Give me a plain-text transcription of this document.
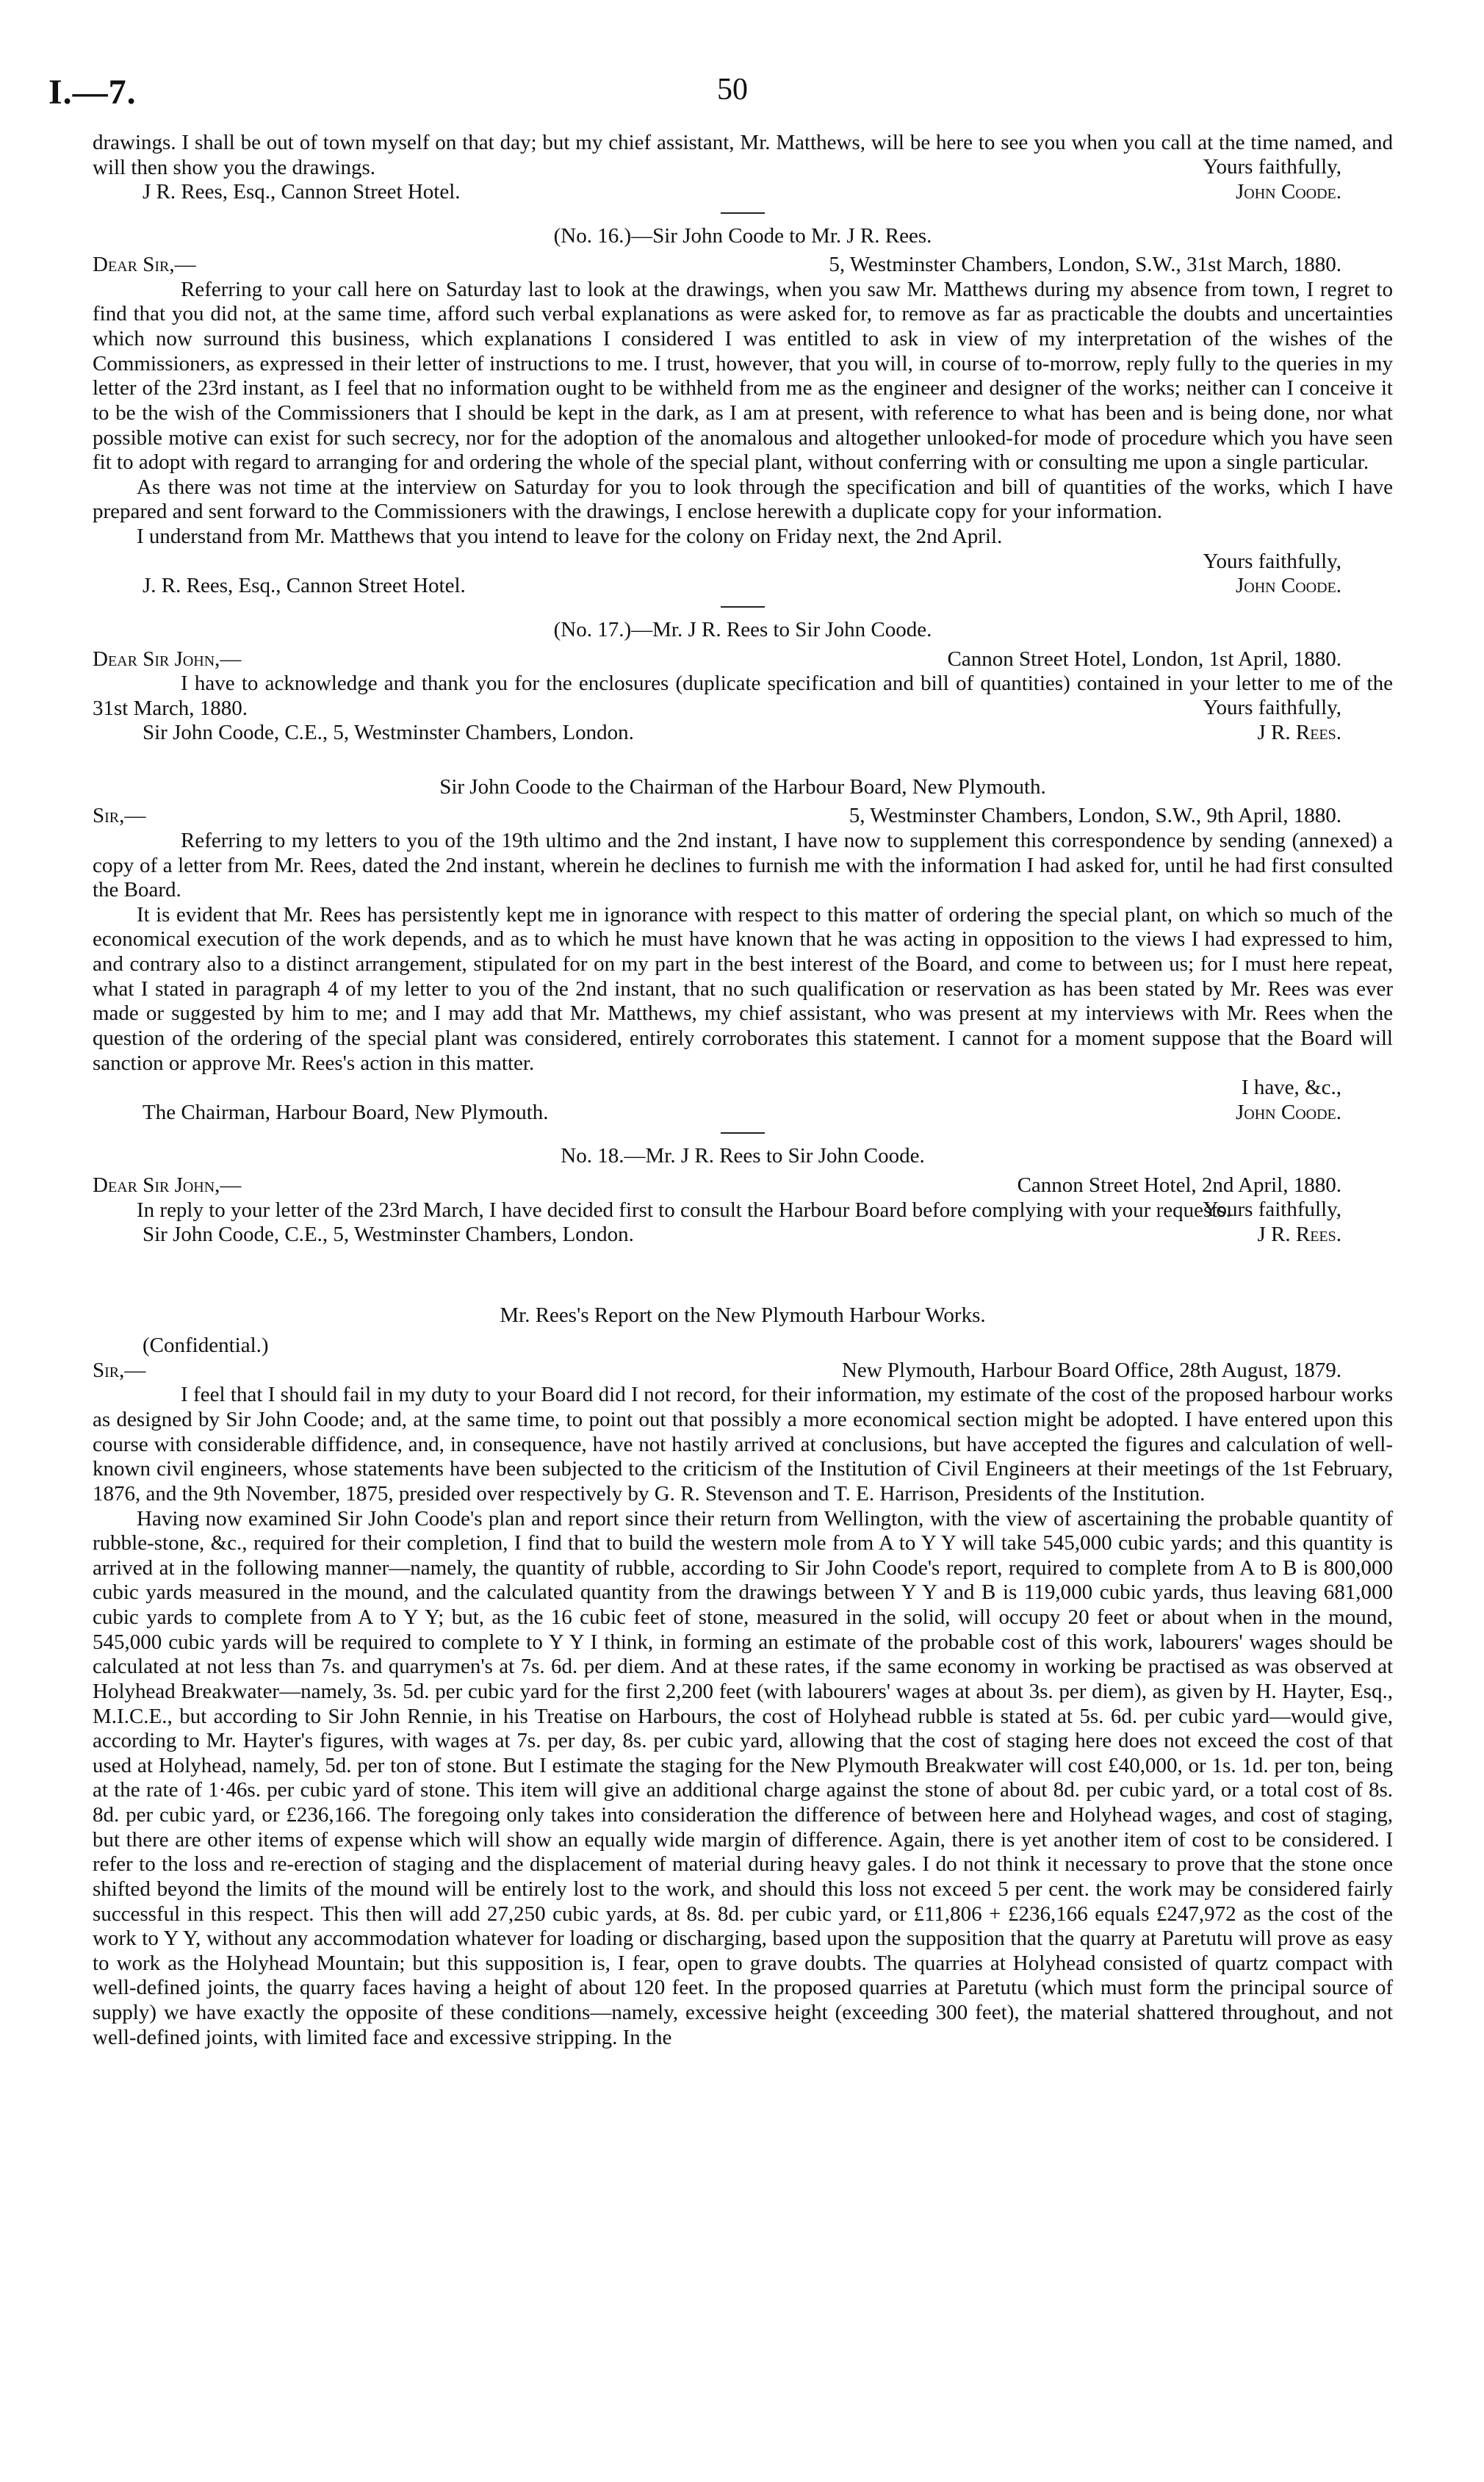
I.—7.	50

drawings. I shall be out of town myself on that day; but my chief assistant, Mr. Matthews, will be here to see you when you call at the time named, and will then show you the drawings.	Yours faithfully,
J R. Rees, Esq., Cannon Street Hotel.	John Coode.
(No. 16.)—Sir John Coode to Mr. J R. Rees.
Dear Sir,—	5, Westminster Chambers, London, S.W., 31st March, 1880.

Referring to your call here on Saturday last to look at the drawings, when you saw Mr. Matthews during my absence from town, I regret to find that you did not, at the same time, afford such verbal explanations as were asked for, to remove as far as practicable the doubts and uncertainties which now surround this business, which explanations I considered I was entitled to ask in view of my interpretation of the wishes of the Commissioners, as expressed in their letter of instructions to me. I trust, however, that you will, in course of to-morrow, reply fully to the queries in my letter of the 23rd instant, as I feel that no information ought to be withheld from me as the engineer and designer of the works; neither can I conceive it to be the wish of the Commissioners that I should be kept in the dark, as I am at present, with reference to what has been and is being done, nor what possible motive can exist for such secrecy, nor for the adoption of the anomalous and altogether unlooked-for mode of procedure which you have seen fit to adopt with regard to arranging for and ordering the whole of the special plant, without conferring with or consulting me upon a single particular.

As there was not time at the interview on Saturday for you to look through the specification and bill of quantities of the works, which I have prepared and sent forward to the Commissioners with the drawings, I enclose herewith a duplicate copy for your information.

I understand from Mr. Matthews that you intend to leave for the colony on Friday next, the 2nd April.

Yours faithfully,
J. R. Rees, Esq., Cannon Street Hotel.	John Coode.
(No. 17.)—Mr. J R. Rees to Sir John Coode.
Dear Sir John,—	Cannon Street Hotel, London, 1st April, 1880.

I have to acknowledge and thank you for the enclosures (duplicate specification and bill of quantities) contained in your letter to me of the 31st March, 1880.	Yours faithfully,
Sir John Coode, C.E., 5, Westminster Chambers, London.	J R. Rees.
Sir John Coode to the Chairman of the Harbour Board, New Plymouth.
Sir,—	5, Westminster Chambers, London, S.W., 9th April, 1880.

Referring to my letters to you of the 19th ultimo and the 2nd instant, I have now to supplement this correspondence by sending (annexed) a copy of a letter from Mr. Rees, dated the 2nd instant, wherein he declines to furnish me with the information I had asked for, until he had first consulted the Board.

It is evident that Mr. Rees has persistently kept me in ignorance with respect to this matter of ordering the special plant, on which so much of the economical execution of the work depends, and as to which he must have known that he was acting in opposition to the views I had expressed to him, and contrary also to a distinct arrangement, stipulated for on my part in the best interest of the Board, and come to between us; for I must here repeat, what I stated in paragraph 4 of my letter to you of the 2nd instant, that no such qualification or reservation as has been stated by Mr. Rees was ever made or suggested by him to me; and I may add that Mr. Matthews, my chief assistant, who was present at my interviews with Mr. Rees when the question of the ordering of the special plant was considered, entirely corroborates this statement. I cannot for a moment suppose that the Board will sanction or approve Mr. Rees's action in this matter.

I have, &c.,
The Chairman, Harbour Board, New Plymouth.	John Coode.
No. 18.—Mr. J R. Rees to Sir John Coode.
Dear Sir John,—	Cannon Street Hotel, 2nd April, 1880.

In reply to your letter of the 23rd March, I have decided first to consult the Harbour Board before complying with your requests.

Yours faithfully,
Sir John Coode, C.E., 5, Westminster Chambers, London.	J R. Rees.
Mr. Rees's Report on the New Plymouth Harbour Works.
(Confidential.)
Sir,—	New Plymouth, Harbour Board Office, 28th August, 1879.

I feel that I should fail in my duty to your Board did I not record, for their information, my estimate of the cost of the proposed harbour works as designed by Sir John Coode; and, at the same time, to point out that possibly a more economical section might be adopted. I have entered upon this course with considerable diffidence, and, in consequence, have not hastily arrived at conclusions, but have accepted the figures and calculation of well-known civil engineers, whose statements have been subjected to the criticism of the Institution of Civil Engineers at their meetings of the 1st February, 1876, and the 9th November, 1875, presided over respectively by G. R. Stevenson and T. E. Harrison, Presidents of the Institution.

Having now examined Sir John Coode's plan and report since their return from Wellington, with the view of ascertaining the probable quantity of rubble-stone, &c., required for their completion, I find that to build the western mole from A to Y Y will take 545,000 cubic yards; and this quantity is arrived at in the following manner—namely, the quantity of rubble, according to Sir John Coode's report, required to complete from A to B is 800,000 cubic yards measured in the mound, and the calculated quantity from the drawings between Y Y and B is 119,000 cubic yards, thus leaving 681,000 cubic yards to complete from A to Y Y; but, as the 16 cubic feet of stone, measured in the solid, will occupy 20 feet or about when in the mound, 545,000 cubic yards will be required to complete to Y Y I think, in forming an estimate of the probable cost of this work, labourers' wages should be calculated at not less than 7s. and quarrymen's at 7s. 6d. per diem. And at these rates, if the same economy in working be practised as was observed at Holyhead Breakwater—namely, 3s. 5d. per cubic yard for the first 2,200 feet (with labourers' wages at about 3s. per diem), as given by H. Hayter, Esq., M.I.C.E., but according to Sir John Rennie, in his Treatise on Harbours, the cost of Holyhead rubble is stated at 5s. 6d. per cubic yard—would give, according to Mr. Hayter's figures, with wages at 7s. per day, 8s. per cubic yard, allowing that the cost of staging here does not exceed the cost of that used at Holyhead, namely, 5d. per ton of stone. But I estimate the staging for the New Plymouth Breakwater will cost £40,000, or 1s. 1d. per ton, being at the rate of 1·46s. per cubic yard of stone. This item will give an additional charge against the stone of about 8d. per cubic yard, or a total cost of 8s. 8d. per cubic yard, or £236,166. The foregoing only takes into consideration the difference of between here and Holyhead wages, and cost of staging, but there are other items of expense which will show an equally wide margin of difference. Again, there is yet another item of cost to be considered. I refer to the loss and re-erection of staging and the displacement of material during heavy gales. I do not think it necessary to prove that the stone once shifted beyond the limits of the mound will be entirely lost to the work, and should this loss not exceed 5 per cent. the work may be considered fairly successful in this respect. This then will add 27,250 cubic yards, at 8s. 8d. per cubic yard, or £11,806 + £236,166 equals £247,972 as the cost of the work to Y Y, without any accommodation whatever for loading or discharging, based upon the supposition that the quarry at Paretutu will prove as easy to work as the Holyhead Mountain; but this supposition is, I fear, open to grave doubts. The quarries at Holyhead consisted of quartz compact with well-defined joints, the quarry faces having a height of about 120 feet. In the proposed quarries at Paretutu (which must form the principal source of supply) we have exactly the opposite of these conditions—namely, excessive height (exceeding 300 feet), the material shattered throughout, and not well-defined joints, with limited face and excessive stripping. In the
